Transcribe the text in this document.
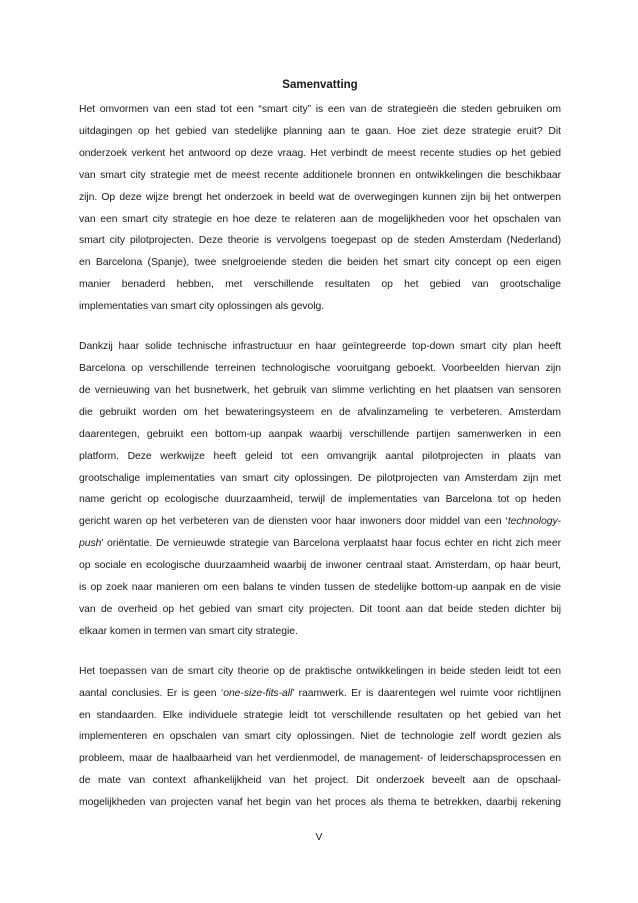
Samenvatting
Het omvormen van een stad tot een “smart city” is een van de strategieën die steden gebruiken om
uitdagingen op het gebied van stedelijke planning aan te gaan. Hoe ziet deze strategie eruit? Dit
onderzoek verkent het antwoord op deze vraag. Het verbindt de meest recente studies op het gebied
van smart city strategie met de meest recente additionele bronnen en ontwikkelingen die beschikbaar
zijn. Op deze wijze brengt het onderzoek in beeld wat de overwegingen kunnen zijn bij het ontwerpen
van een smart city strategie en hoe deze te relateren aan de mogelijkheden voor het opschalen van
smart city pilotprojecten. Deze theorie is vervolgens toegepast op de steden Amsterdam (Nederland)
en Barcelona (Spanje), twee snelgroeiende steden die beiden het smart city concept op een eigen
manier benaderd hebben, met verschillende resultaten op het gebied van grootschalige
implementaties van smart city oplossingen als gevolg.
Dankzij haar solide technische infrastructuur en haar geïntegreerde top-down smart city plan heeft
Barcelona op verschillende terreinen technologische vooruitgang geboekt. Voorbeelden hiervan zijn
de vernieuwing van het busnetwerk, het gebruik van slimme verlichting en het plaatsen van sensoren
die gebruikt worden om het bewateringsysteem en de afvalinzameling te verbeteren. Amsterdam
daarentegen, gebruikt een bottom-up aanpak waarbij verschillende partijen samenwerken in een
platform. Deze werkwijze heeft geleid tot een omvangrijk aantal pilotprojecten in plaats van
grootschalige implementaties van smart city oplossingen. De pilotprojecten van Amsterdam zijn met
name gericht op ecologische duurzaamheid, terwijl de implementaties van Barcelona tot op heden
gericht waren op het verbeteren van de diensten voor haar inwoners door middel van een ‘technology-
push’ oriëntatie. De vernieuwde strategie van Barcelona verplaatst haar focus echter en richt zich meer
op sociale en ecologische duurzaamheid waarbij de inwoner centraal staat. Amsterdam, op haar beurt,
is op zoek naar manieren om een balans te vinden tussen de stedelijke bottom-up aanpak en de visie
van de overheid op het gebied van smart city projecten. Dit toont aan dat beide steden dichter bij
elkaar komen in termen van smart city strategie.
Het toepassen van de smart city theorie op de praktische ontwikkelingen in beide steden leidt tot een
aantal conclusies. Er is geen ‘one-size-fits-all’ raamwerk. Er is daarentegen wel ruimte voor richtlijnen
en standaarden. Elke individuele strategie leidt tot verschillende resultaten op het gebied van het
implementeren en opschalen van smart city oplossingen. Niet de technologie zelf wordt gezien als
probleem, maar de haalbaarheid van het verdienmodel, de management- of leiderschapsprocessen en
de mate van context afhankelijkheid van het project. Dit onderzoek beveelt aan de opschaal-
mogelijkheden van projecten vanaf het begin van het proces als thema te betrekken, daarbij rekening
V
